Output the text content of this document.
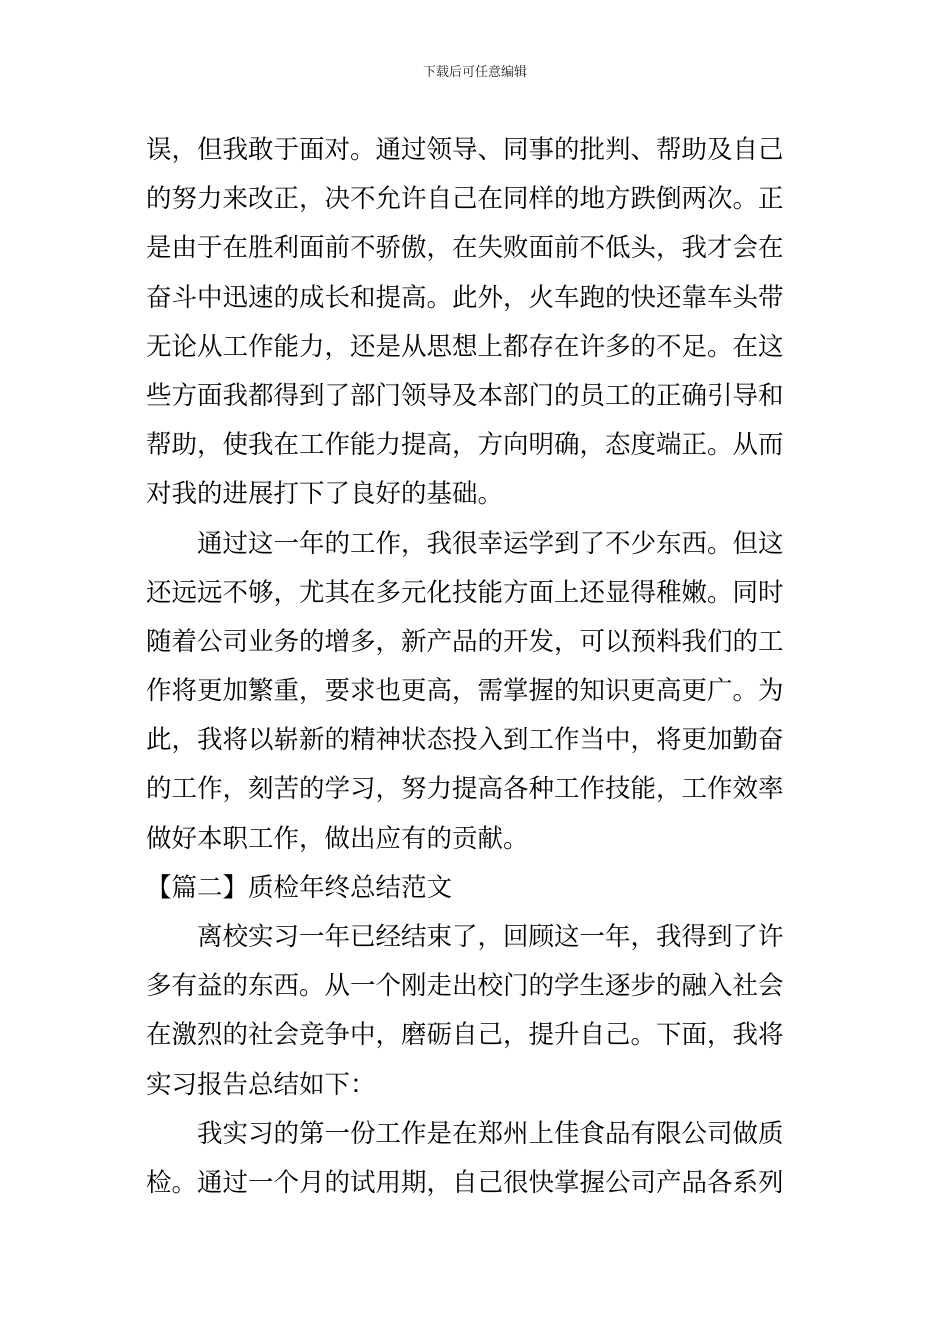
下载后可任意编辑
误，但我敢于面对。通过领导、同事的批判、帮助及自己
的努力来改正，决不允许自己在同样的地方跌倒两次。正
是由于在胜利面前不骄傲，在失败面前不低头，我才会在
奋斗中迅速的成长和提高。此外，火车跑的快还靠车头带
无论从工作能力，还是从思想上都存在许多的不足。在这
些方面我都得到了部门领导及本部门的员工的正确引导和
帮助，使我在工作能力提高，方向明确，态度端正。从而
对我的进展打下了良好的基础。
通过这一年的工作，我很幸运学到了不少东西。但这
还远远不够，尤其在多元化技能方面上还显得稚嫩。同时
随着公司业务的增多，新产品的开发，可以预料我们的工
作将更加繁重，要求也更高，需掌握的知识更高更广。为
此，我将以崭新的精神状态投入到工作当中，将更加勤奋
的工作，刻苦的学习，努力提高各种工作技能，工作效率
做好本职工作，做出应有的贡献。
【篇二】质检年终总结范文
离校实习一年已经结束了，回顾这一年，我得到了许
多有益的东西。从一个刚走出校门的学生逐步的融入社会
在激烈的社会竞争中，磨砺自己，提升自己。下面，我将
实习报告总结如下：
我实习的第一份工作是在郑州上佳食品有限公司做质
检。通过一个月的试用期，自己很快掌握公司产品各系列
